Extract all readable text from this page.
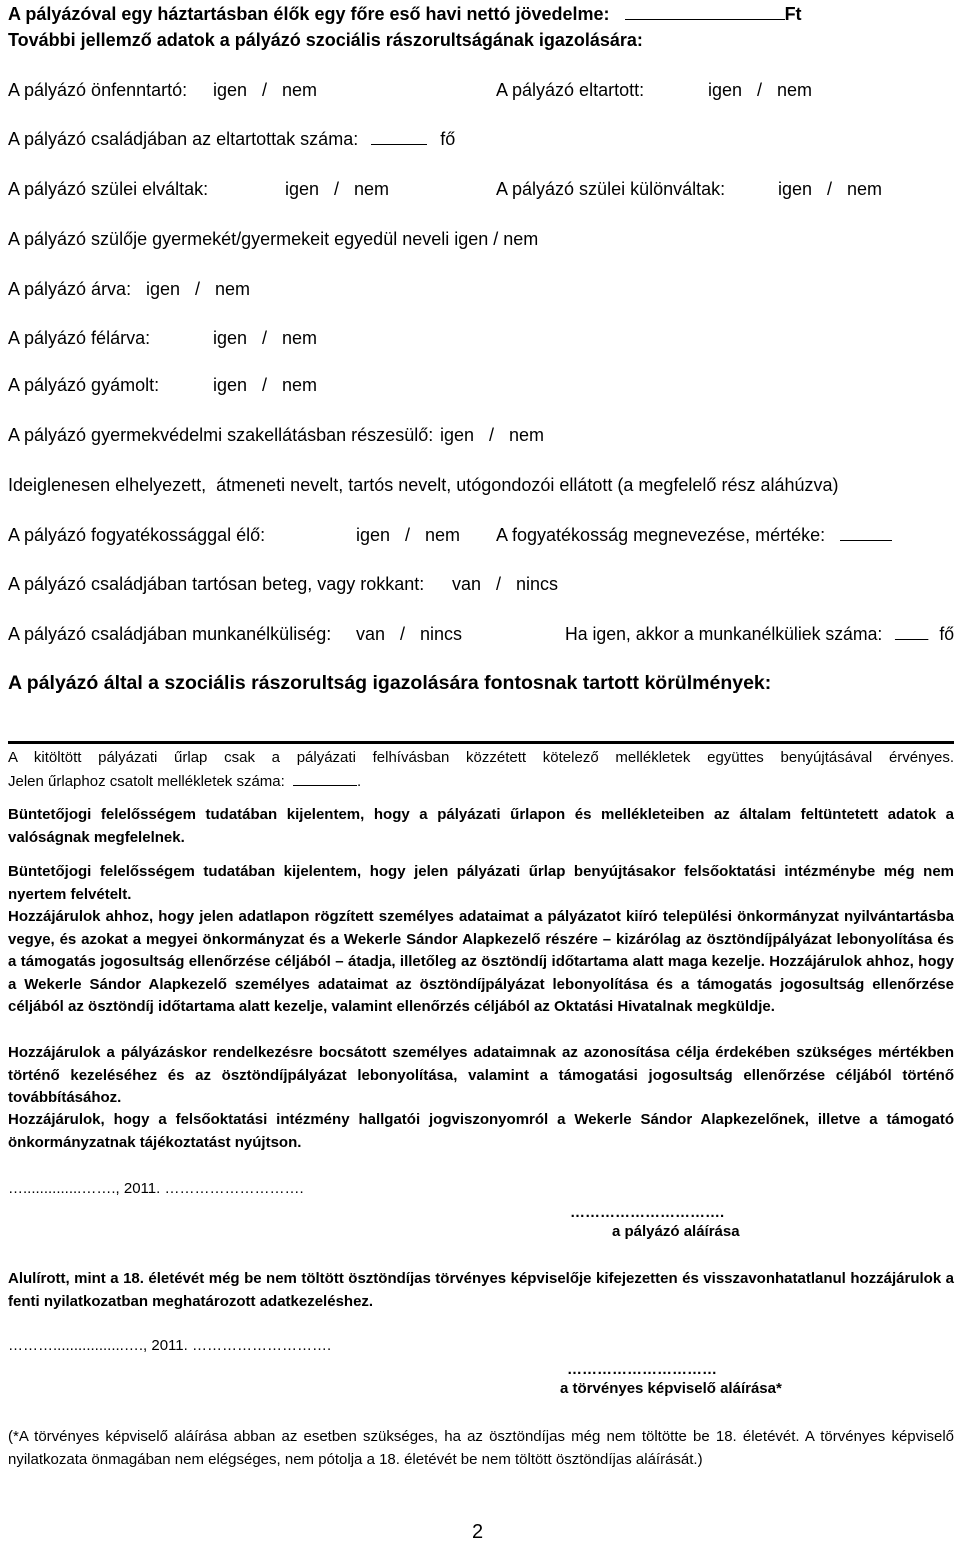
A pályázóval egy háztartásban élők egy főre eső havi nettó jövedelme:	Ft
További jellemző adatok a pályázó szociális rászorultságának igazolására:
A pályázó önfenntartó: igen   /   nem	A pályázó eltartott:	igen   /   nem
A pályázó családjában az eltartottak száma:	fő
A pályázó szülei elváltak:	igen   /   nem	A pályázó szülei különváltak:	igen   /   nem
A pályázó szülője gyermekét/gyermekeit egyedül neveli igen / nem
A pályázó árva: igen   /   nem
A pályázó félárva:	igen   /   nem
A pályázó gyámolt:	igen   /   nem
A pályázó gyermekvédelmi szakellátásban részesülő: igen   /   nem
Ideiglenesen elhelyezett,  átmeneti nevelt, tartós nevelt, utógondozói ellátott (a megfelelő rész aláhúzva)
A pályázó fogyatékossággal élő:	igen   /   nem A fogyatékosság megnevezése, mértéke:
A pályázó családjában tartósan beteg, vagy rokkant: van   /   nincs
A pályázó családjában munkanélküliség: van   /   nincs	Ha igen, akkor a munkanélküliek száma:	fő
A pályázó által a szociális rászorultság igazolására fontosnak tartott körülmények:
A kitöltött pályázati űrlap csak a pályázati felhívásban közzétett kötelező mellékletek együttes benyújtásával érvényes.
Jelen űrlaphoz csatolt mellékletek száma:	.
Büntetőjogi felelősségem tudatában kijelentem, hogy a pályázati űrlapon és mellékleteiben az általam feltüntetett adatok a valóságnak megfelelnek.
Büntetőjogi felelősségem tudatában kijelentem, hogy jelen pályázati űrlap benyújtásakor felsőoktatási intézménybe még nem nyertem felvételt.
Hozzájárulok ahhoz, hogy jelen adatlapon rögzített személyes adataimat a pályázatot kiíró települési önkormányzat nyilvántartásba vegye, és azokat a megyei önkormányzat és a Wekerle Sándor Alapkezelő részére – kizárólag az ösztöndíjpályázat lebonyolítása és a támogatás jogosultság ellenőrzése céljából – átadja, illetőleg az ösztöndíj időtartama alatt maga kezelje. Hozzájárulok ahhoz, hogy a Wekerle Sándor Alapkezelő személyes adataimat az ösztöndíjpályázat lebonyolítása és a támogatás jogosultság ellenőrzése céljából az ösztöndíj időtartama alatt kezelje, valamint ellenőrzés céljából az Oktatási Hivatalnak megküldje.
Hozzájárulok a pályázáskor rendelkezésre bocsátott személyes adataimnak az azonosítása célja érdekében szükséges mértékben történő kezeléséhez és az ösztöndíjpályázat lebonyolítása, valamint a támogatási jogosultság ellenőrzése céljából történő továbbításához.
Hozzájárulok, hogy a felsőoktatási intézmény hallgatói jogviszonyomról a Wekerle Sándor Alapkezelőnek, illetve a támogató önkormányzatnak tájékoztatást nyújtson.
…..............……., 2011. ……………………….
………………………….
a pályázó aláírása
Alulírott, mint a 18. életévét még be nem töltött ösztöndíjas törvényes képviselője kifejezetten és visszavonhatatlanul hozzájárulok a fenti nyilatkozatban meghatározott adatkezeléshez.
……….................…., 2011. ……………………….
…………………………
a törvényes képviselő aláírása*
(*A törvényes képviselő aláírása abban az esetben szükséges, ha az ösztöndíjas még nem töltötte be 18. életévét. A törvényes képviselő nyilatkozata önmagában nem elégséges, nem pótolja a 18. életévét be nem töltött ösztöndíjas aláírását.)
2
